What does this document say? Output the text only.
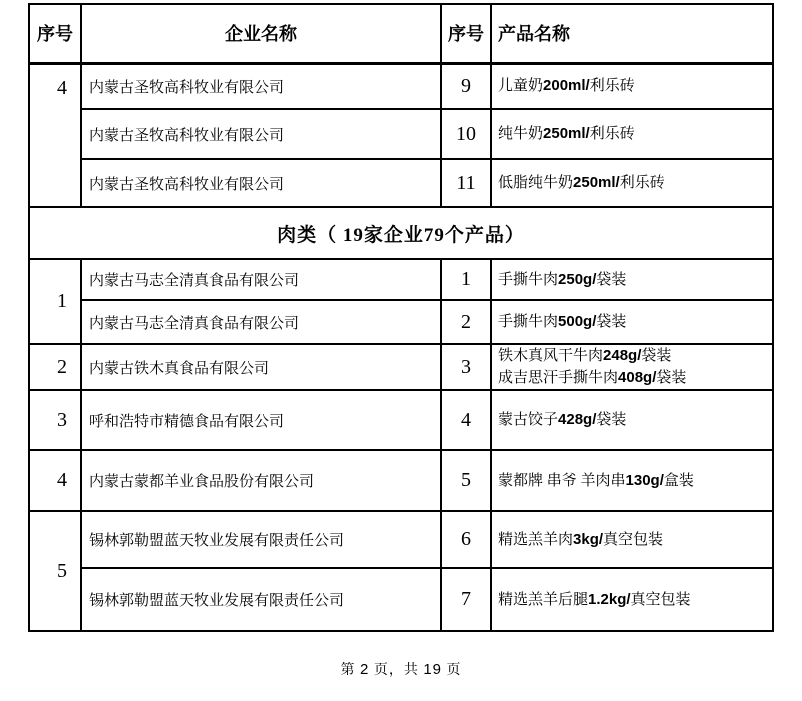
序号	企业名称	序号	产品名称
4	内蒙古圣牧高科牧业有限公司	9	儿童奶200ml/利乐砖
	内蒙古圣牧高科牧业有限公司	10	纯牛奶250ml/利乐砖
	内蒙古圣牧高科牧业有限公司	11	低脂纯牛奶250ml/利乐砖
肉类（ 19家企业79个产品）			
1	内蒙古马志全清真食品有限公司	1	手撕牛肉250g/袋装
	内蒙古马志全清真食品有限公司	2	手撕牛肉500g/袋装
2	内蒙古铁木真食品有限公司	3	铁木真风干牛肉248g/袋装
成吉思汗手撕牛肉408g/袋装
3	呼和浩特市精德食品有限公司	4	蒙古饺子428g/袋装
4	内蒙古蒙都羊业食品股份有限公司	5	蒙都牌 串爷 羊肉串130g/盒装
5	锡林郭勒盟蓝天牧业发展有限责任公司	6	精选羔羊肉3kg/真空包装
	锡林郭勒盟蓝天牧业发展有限责任公司	7	精选羔羊后腿1.2kg/真空包装
第 2 页，共 19 页
